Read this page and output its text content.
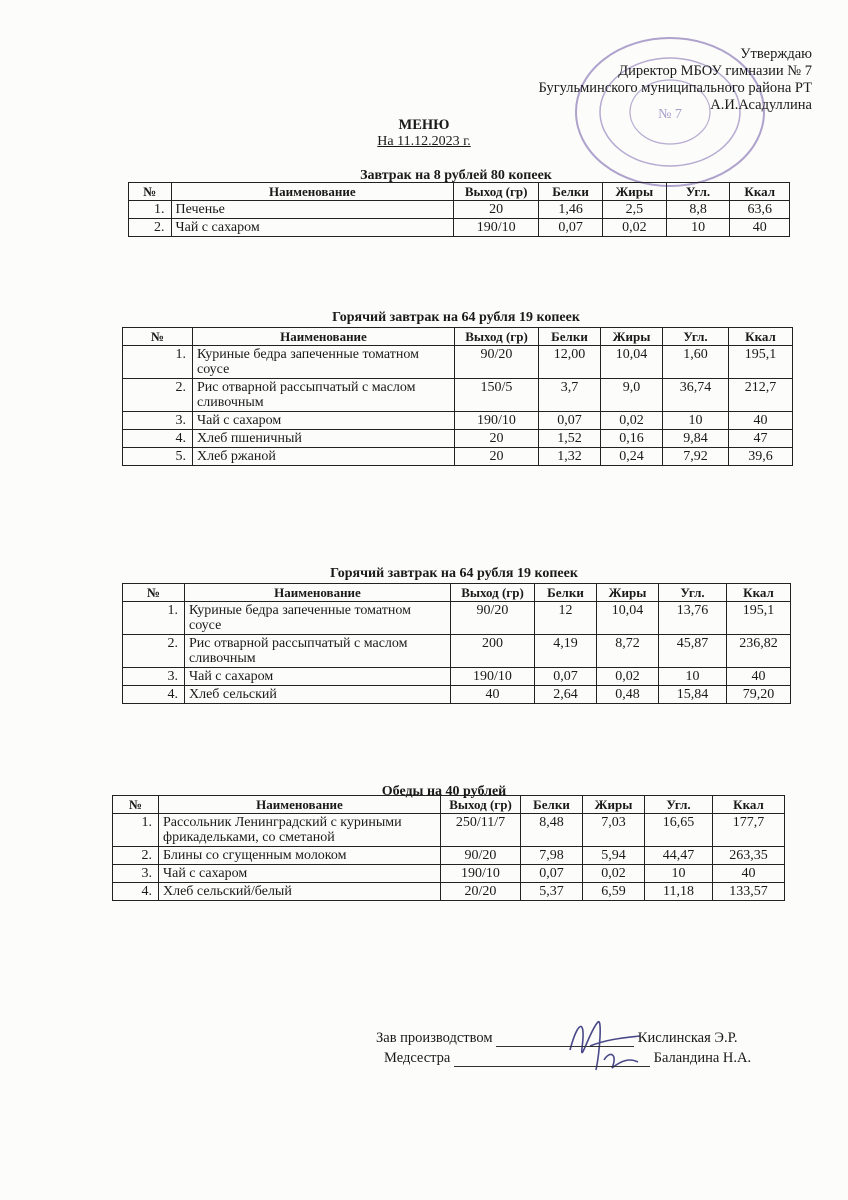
№ 7
Утверждаю
Директор МБОУ гимназии № 7
Бугульминского муниципального района РТ
А.И.Асадуллина
МЕНЮ
На 11.12.2023 г.
Завтрак на 8 рублей 80 копеек
№	Наименование	Выход (гр)	Белки	Жиры	Угл.	Ккал
1.	Печенье	20	1,46	2,5	8,8	63,6
2.	Чай с сахаром	190/10	0,07	0,02	10	40
Горячий завтрак на 64 рубля 19 копеек
№	Наименование	Выход (гр)	Белки	Жиры	Угл.	Ккал
1.	Куриные бедра запеченные томатном соусе	90/20	12,00	10,04	1,60	195,1
2.	Рис отварной рассыпчатый с маслом сливочным	150/5	3,7	9,0	36,74	212,7
3.	Чай с сахаром	190/10	0,07	0,02	10	40
4.	Хлеб пшеничный	20	1,52	0,16	9,84	47
5.	Хлеб ржаной	20	1,32	0,24	7,92	39,6
Горячий завтрак на 64 рубля 19 копеек
№	Наименование	Выход (гр)	Белки	Жиры	Угл.	Ккал
1.	Куриные бедра запеченные томатном соусе	90/20	12	10,04	13,76	195,1
2.	Рис отварной рассыпчатый с маслом сливочным	200	4,19	8,72	45,87	236,82
3.	Чай с сахаром	190/10	0,07	0,02	10	40
4.	Хлеб сельский	40	2,64	0,48	15,84	79,20
Обеды на 40 рублей
№	Наименование	Выход (гр)	Белки	Жиры	Угл.	Ккал
1.	Рассольник Ленинградский с куриными фрикадельками, со сметаной	250/11/7	8,48	7,03	16,65	177,7
2.	Блины со сгущенным молоком	90/20	7,98	5,94	44,47	263,35
3.	Чай с сахаром	190/10	0,07	0,02	10	40
4.	Хлеб сельский/белый	20/20	5,37	6,59	11,18	133,57
Зав производством	Кислинская Э.Р.
Медсестра	Баландина Н.А.
